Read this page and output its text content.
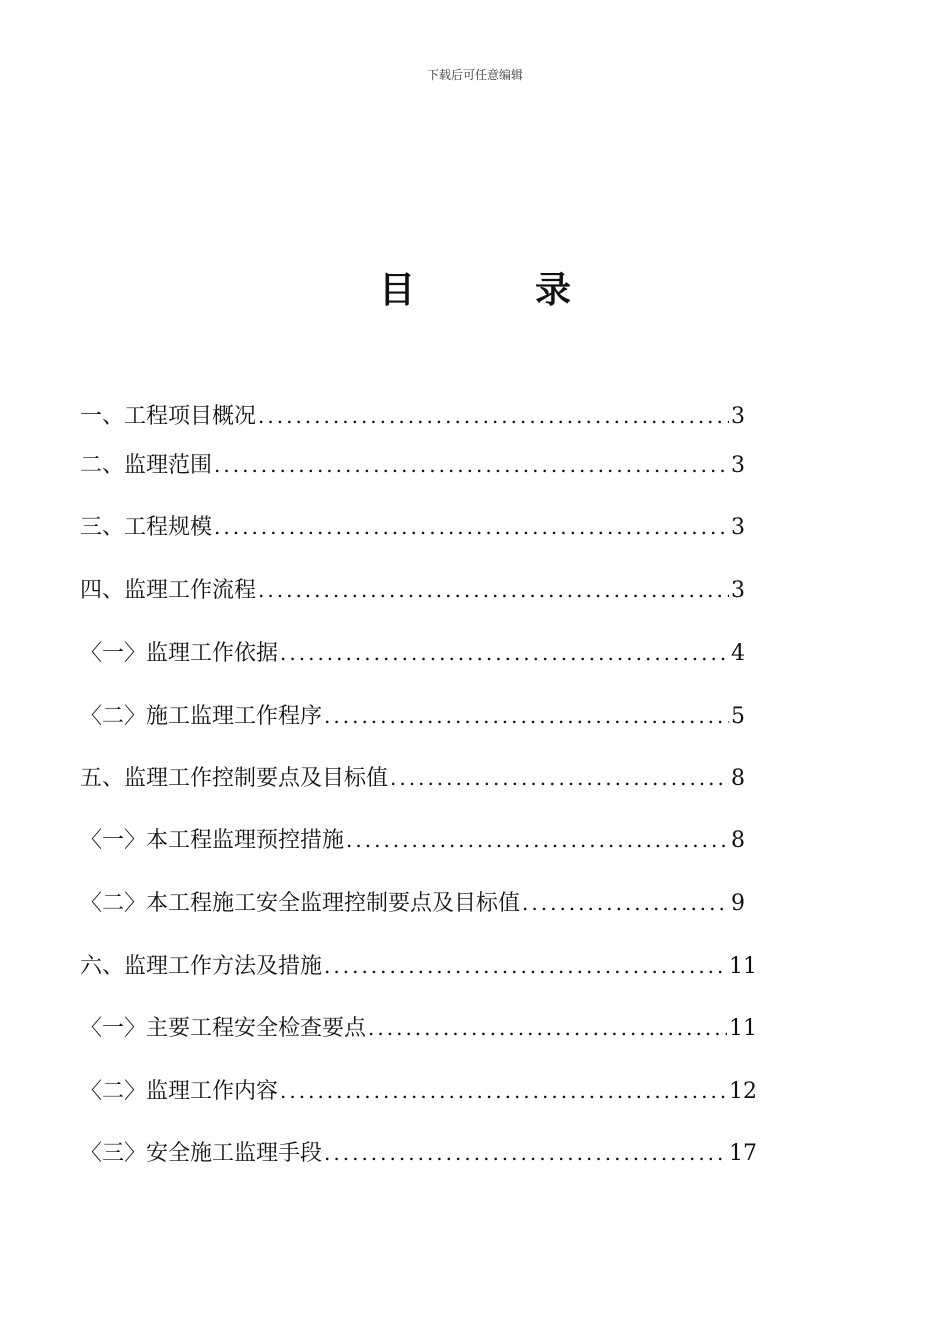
下载后可任意编辑
目	录
一、工程项目概况 .....	3
二、监理范围 .....	3
三、工程规模 .....	3
四、监理工作流程 .....	3
〈一〉监理工作依据 .....	4
〈二〉施工监理工作程序 .....	5
五、监理工作控制要点及目标值 .....	8
〈一〉本工程监理预控措施 .....	8
〈二〉本工程施工安全监理控制要点及目标值 .....	9
六、监理工作方法及措施 .....	11
〈一〉主要工程安全检查要点 .....	11
〈二〉监理工作内容 .....	12
〈三〉安全施工监理手段 .....	17
